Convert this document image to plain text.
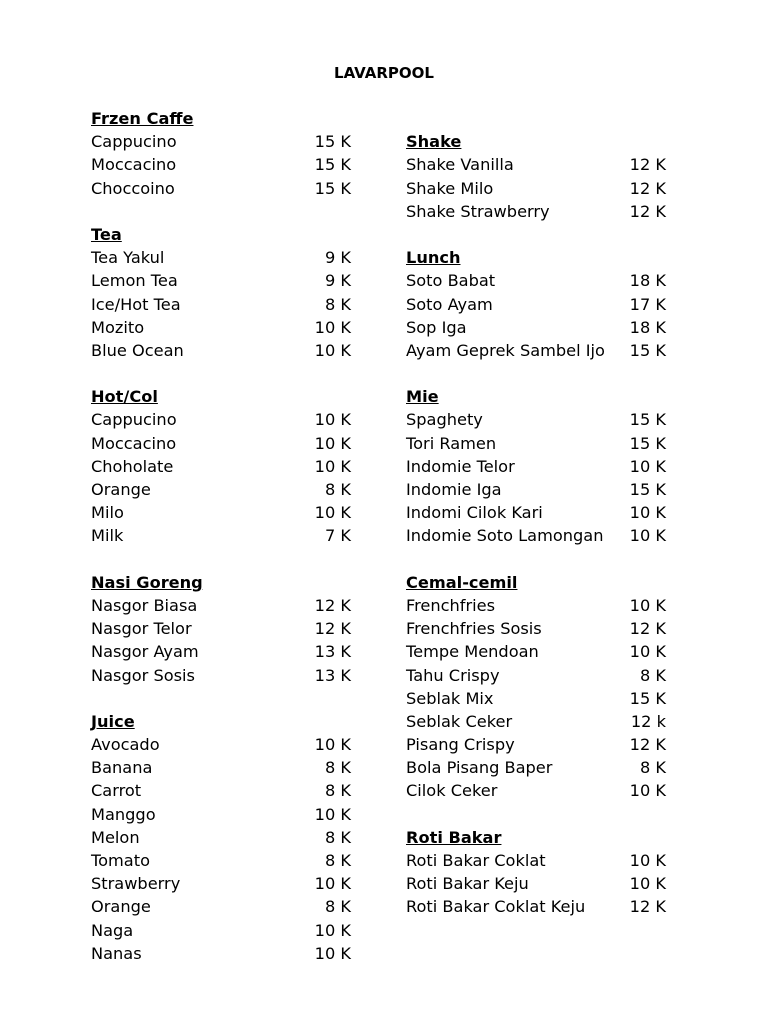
LAVARPOOL
Frzen Caffe
Cappucino	15 K
Moccacino	15 K
Choccoino	15 K
Tea
Tea Yakul	9 K
Lemon Tea	9 K
Ice/Hot Tea	8 K
Mozito	10 K
Blue Ocean	10 K
Hot/Col
Cappucino	10 K
Moccacino	10 K
Choholate	10 K
Orange	8 K
Milo	10 K
Milk	7 K
Nasi Goreng
Nasgor Biasa	12 K
Nasgor Telor	12 K
Nasgor Ayam	13 K
Nasgor Sosis	13 K
Juice
Avocado	10 K
Banana	8 K
Carrot	8 K
Manggo	10 K
Melon	8 K
Tomato	8 K
Strawberry	10 K
Orange	8 K
Naga	10 K
Nanas	10 K
Shake
Shake Vanilla	12 K
Shake Milo	12 K
Shake Strawberry	12 K
Lunch
Soto Babat	18 K
Soto Ayam	17 K
Sop Iga	18 K
Ayam Geprek Sambel Ijo 15 K
Mie
Spaghety	15 K
Tori Ramen	15 K
Indomie Telor	10 K
Indomie Iga	15 K
Indomi Cilok Kari	10 K
Indomie Soto Lamongan 10 K
Cemal-cemil
Frenchfries	10 K
Frenchfries Sosis	12 K
Tempe Mendoan	10 K
Tahu Crispy	8 K
Seblak Mix	15 K
Seblak Ceker	12 k
Pisang Crispy	12 K
Bola Pisang Baper	8 K
Cilok Ceker	10 K
Roti Bakar
Roti Bakar Coklat	10 K
Roti Bakar Keju	10 K
Roti Bakar Coklat Keju	12 K
